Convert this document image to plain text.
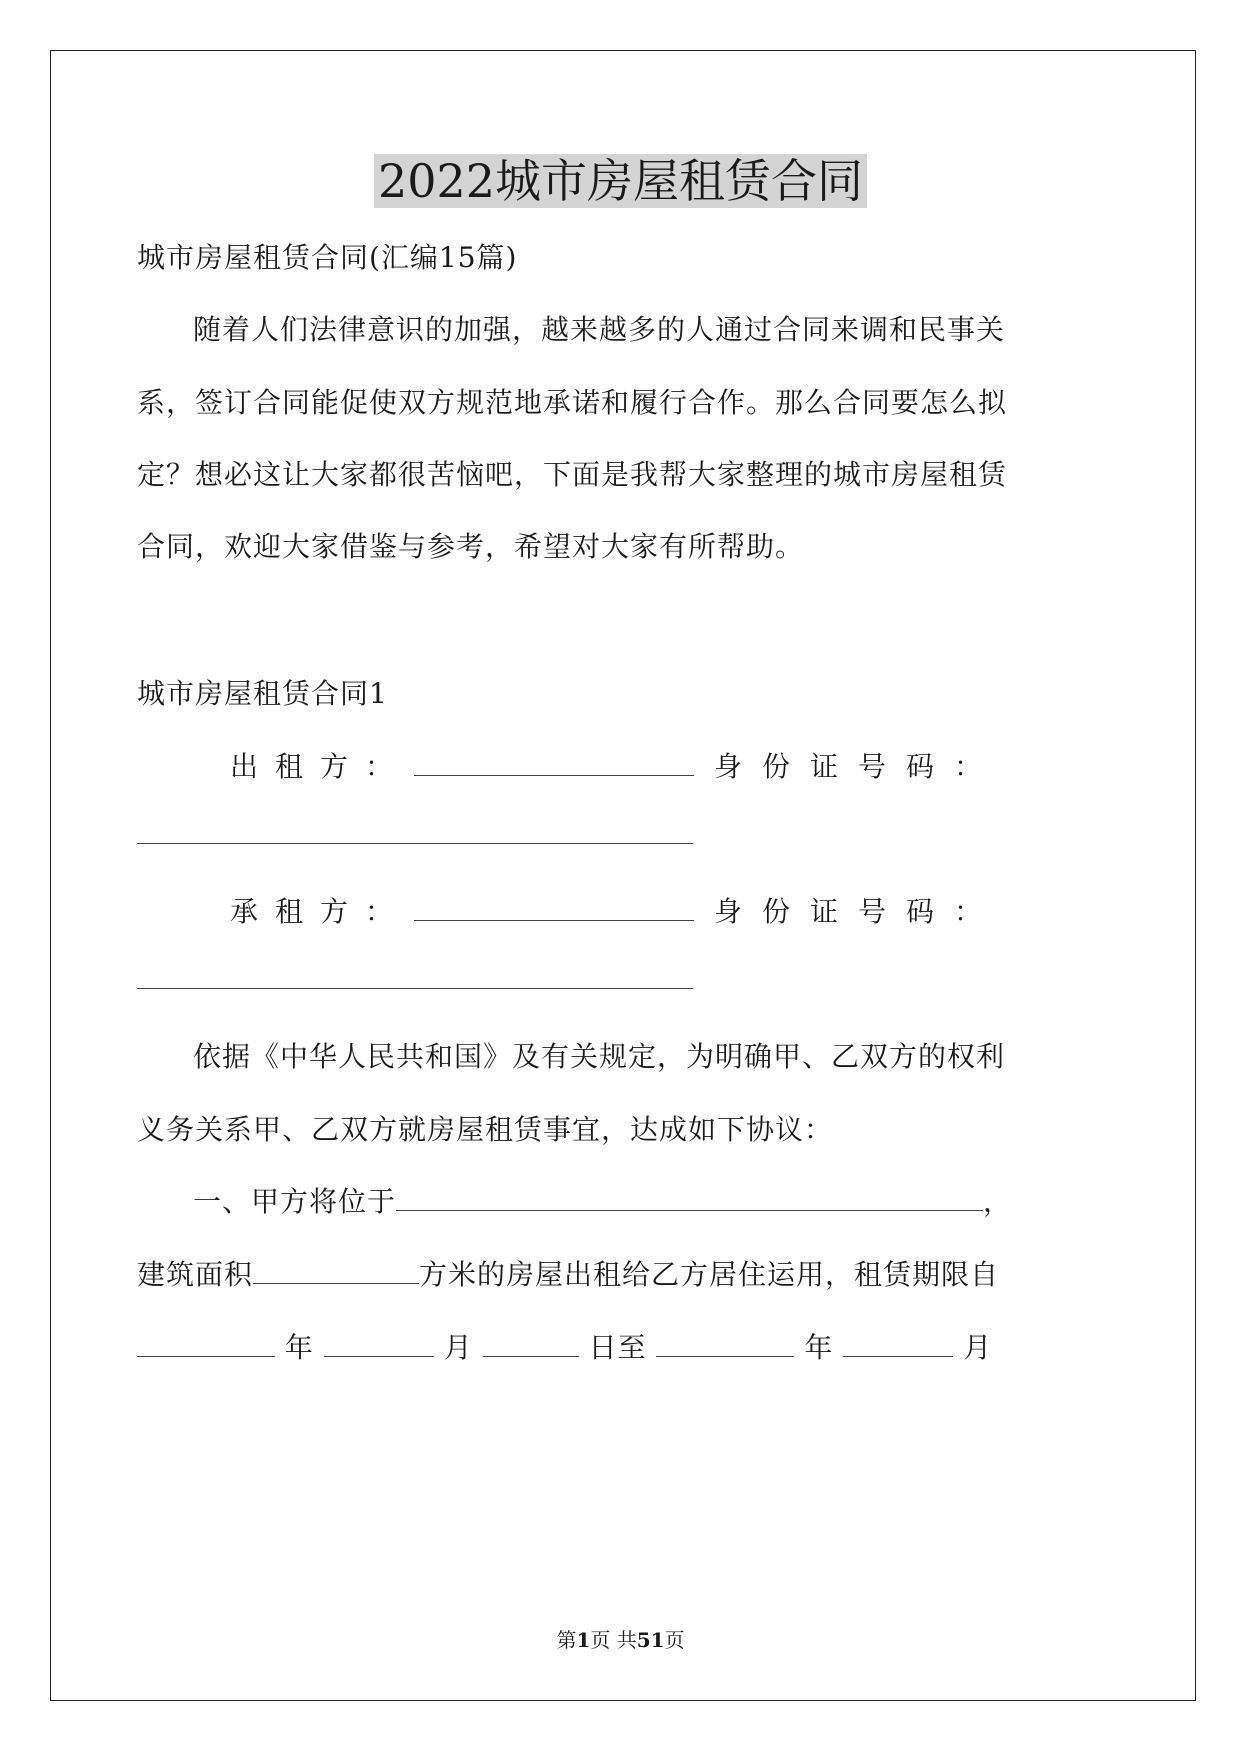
2022城市房屋租赁合同
城市房屋租赁合同(汇编15篇)
随着人们法律意识的加强，越来越多的人通过合同来调和民事关
系，签订合同能促使双方规范地承诺和履行合作。那么合同要怎么拟
定？想必这让大家都很苦恼吧，下面是我帮大家整理的城市房屋租赁
合同，欢迎大家借鉴与参考，希望对大家有所帮助。
城市房屋租赁合同1
出租方：	身份证号码：
承租方：	身份证号码：
依据《中华人民共和国》及有关规定，为明确甲、乙双方的权利
义务关系甲、乙双方就房屋租赁事宜，达成如下协议：
一、甲方将位于	，
建筑面积	方米的房屋出租给乙方居住运用，租赁期限自
年	月	日至	年	月
第1页 共51页
